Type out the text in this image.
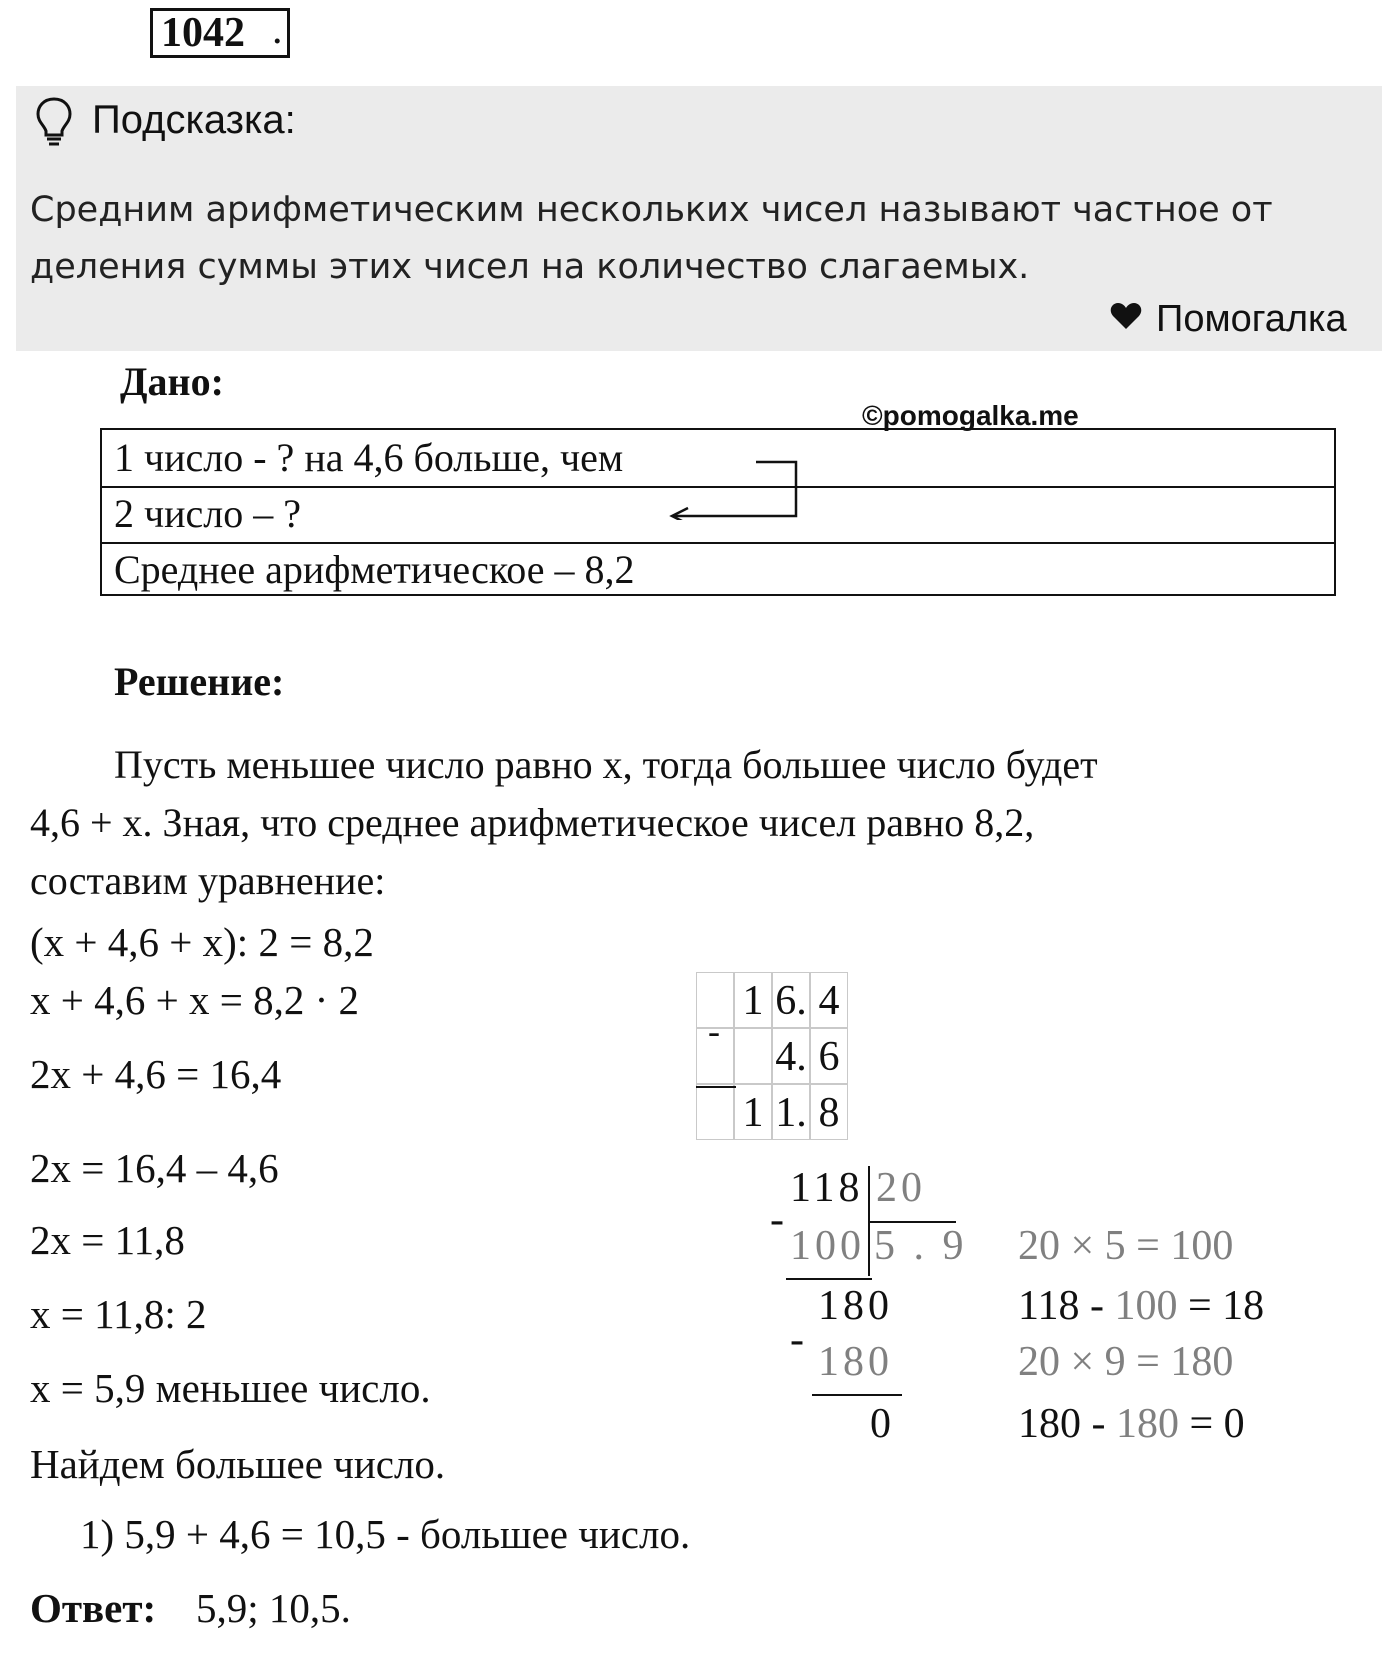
1042 .
Подсказка:
Средним арифметическим нескольких чисел называют частное от деления суммы этих чисел на количество слагаемых.
Помогалка
Дано:
©pomogalka.me
1 число - ? на 4,6 больше, чем
2 число – ?
Среднее арифметическое – 8,2
Решение:
Пусть меньшее число равно x, тогда большее число будет
4,6 + x. Зная, что среднее арифметическое чисел равно 8,2,
составим уравнение:
(x + 4,6 + x): 2 = 8,2
x + 4,6 + x = 8,2 · 2
2x + 4,6 = 16,4
2x = 16,4 – 4,6
2x = 11,8
x = 11,8: 2
x = 5,9 меньшее число.
Найдем большее число.
1) 5,9 + 4,6 = 10,5 - большее число.
Ответ: 5,9; 10,5.
1 6. 4
4. 6
1 1. 8
-
118 20
-
100 5 . 9
180
- 180
0
20 × 5 = 100
118 - 100 = 18
20 × 9 = 180
180 - 180 = 0
